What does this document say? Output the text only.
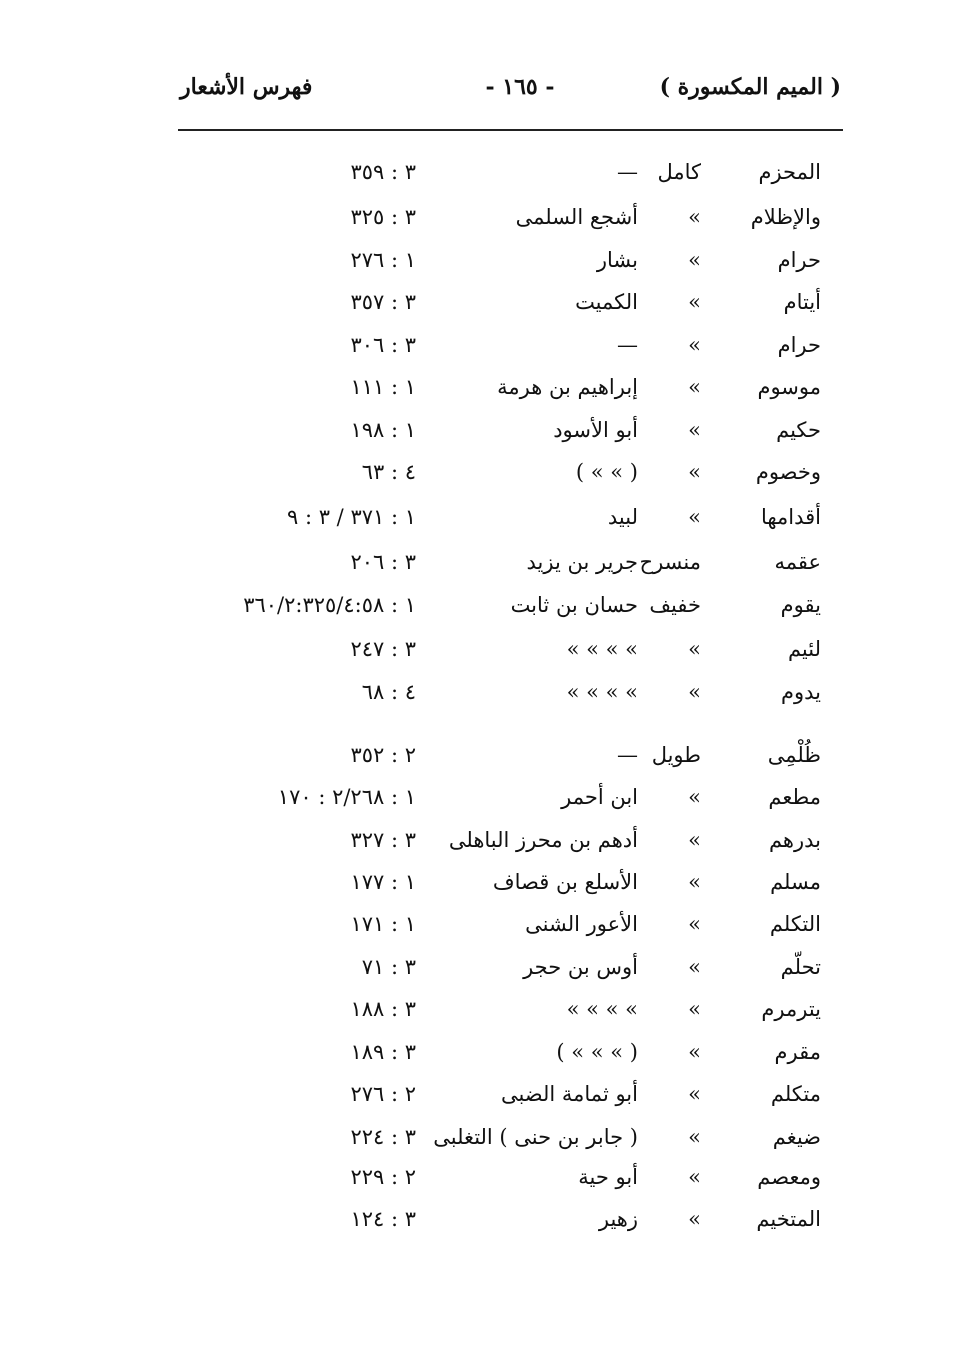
( الميم المكسورة )
- ١٦٥ -
فهرس الأشعار
المحزم
كامل
—
٣ : ٣٥٩
والإظلام
»
أشجع السلمى
٣ : ٣٢٥
حرام
»
بشار
١ : ٢٧٦
أيتام
»
الكميت
٣ : ٣٥٧
حرام
»
—
٣ : ٣٠٦
موسوم
»
إبراهيم بن هرمة
١ : ١١١
حكيم
»
أبو الأسود
١ : ١٩٨
وخصوم
»
( » » )
٤ : ٦٣
أقدامها
»
لبيد
١ : ٣٧١ / ٣ : ٩
عقمه
منسرح
جرير بن يزيد
٣ : ٢٠٦
يقوم
خفيف
حسان بن ثابت
١ : ٣٦٠/٢:٣٢٥/٤:٥٨
لئيم
»
» » » »
٣ : ٢٤٧
يدوم
»
» » » »
٤ : ٦٨
ظُلْمِى
طويل
—
٢ : ٣٥٢
مطعم
»
ابن أحمر
١ : ٢/٢٦٨ : ١٧٠
بدرهم
»
أدهم بن محرز الباهلى
٣ : ٣٢٧
مسلم
»
الأسلع بن قصاف
١ : ١٧٧
التكلم
»
الأعور الشنى
١ : ١٧١
تحلّم
»
أوس بن حجر
٣ : ٧١
يترمرم
»
» » » »
٣ : ١٨٨
مقرم
»
( » » » )
٣ : ١٨٩
متكلم
»
أبو ثمامة الضبى
٢ : ٢٧٦
ضيغم
»
( جابر بن حنى ) التغلبى
٣ : ٢٢٤
ومعصم
»
أبو حية
٢ : ٢٢٩
المتخيم
»
زهير
٣ : ١٢٤
